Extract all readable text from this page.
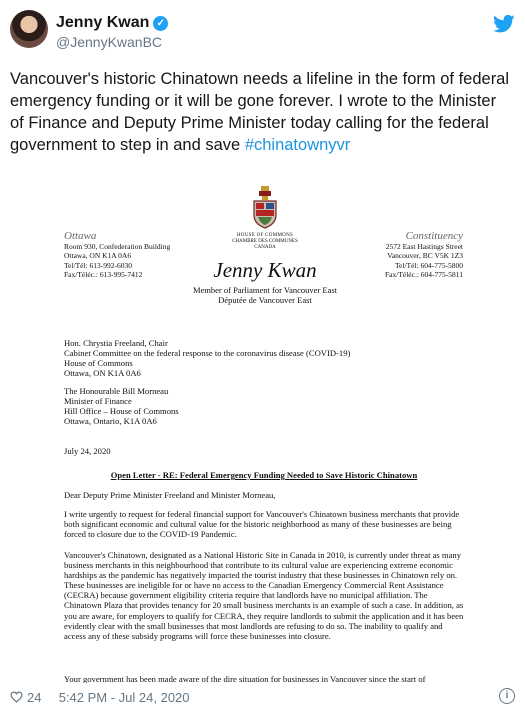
Jenny Kwan ✓
@JennyKwanBC

Vancouver's historic Chinatown needs a lifeline in the form of federal emergency funding or it will be gone forever. I wrote to the Minister of Finance and Deputy Prime Minister today calling for the federal government to step in and save #chinatownyvr

HOUSE OF COMMONS
CHAMBRE DES COMMUNES
CANADA
Ottawa
Room 930, Confederation Building
Ottawa, ON K1A 0A6
Tel/Tél: 613-992-6030
Fax/Téléc.: 613-995-7412
Constituency
2572 East Hastings Street
Vancouver, BC V5K 1Z3
Tel/Tél: 604-775-5800
Fax/Téléc.: 604-775-5811
Jenny Kwan
Member of Parliament for Vancouver East
Députée de Vancouver East
Hon. Chrystia Freeland, Chair
Cabinet Committee on the federal response to the coronavirus disease (COVID-19)
House of Commons
Ottawa, ON K1A 0A6
The Honourable Bill Morneau
Minister of Finance
Hill Office – House of Commons
Ottawa, Ontario, K1A 0A6
July 24, 2020
Open Letter - RE: Federal Emergency Funding Needed to Save Historic Chinatown
Dear Deputy Prime Minister Freeland and Minister Morneau,

I write urgently to request for federal financial support for Vancouver's Chinatown business merchants that provide both significant economic and cultural value for the historic neighborhood as many of these businesses are being forced to closure due to the COVID-19 Pandemic.

Vancouver's Chinatown, designated as a National Historic Site in Canada in 2010, is currently under threat as many business merchants in this neighbourhood that contribute to its cultural value are experiencing extreme economic hardships as the pandemic has negatively impacted the tourist industry that these businesses in Chinatown rely on. These businesses are ineligible for or have no access to the Canadian Emergency Commercial Rent Assistance (CECRA) because government eligibility criteria require that landlords have no municipal affiliation. The Chinatown Plaza that provides tenancy for 20 small business merchants is an example of such a case. In addition, as you are aware, for employers to qualify for CECRA, they require landlords to submit the application and it has been evidently clear with the small businesses that most landlords are refusing to do so. The inability to qualify and access any of these subsidy programs will force these businesses into closure.

Your government has been made aware of the dire situation for businesses in Vancouver since the start of

24 5:42 PM - Jul 24, 2020	i
